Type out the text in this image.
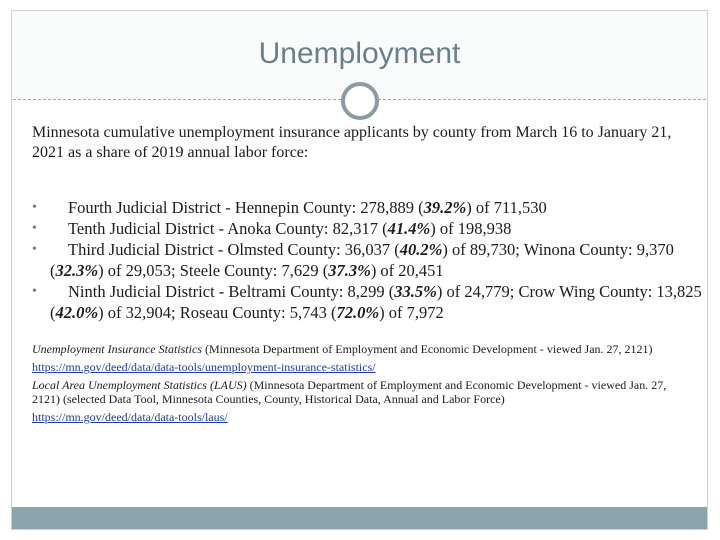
Unemployment
Minnesota cumulative unemployment insurance applicants by county from March 16 to January 21, 2021 as a share of 2019 annual labor force:
• Fourth Judicial District - Hennepin County: 278,889 (39.2%) of 711,530
• Tenth Judicial District - Anoka County: 82,317 (41.4%) of 198,938
• Third Judicial District - Olmsted County: 36,037 (40.2%) of 89,730; Winona County: 9,370 (32.3%) of 29,053; Steele County: 7,629 (37.3%) of 20,451
• Ninth Judicial District - Beltrami County: 8,299 (33.5%) of 24,779; Crow Wing County: 13,825 (42.0%) of 32,904; Roseau County: 5,743 (72.0%) of 7,972

Unemployment Insurance Statistics (Minnesota Department of Employment and Economic Development - viewed Jan. 27, 2121)

https://mn.gov/deed/data/data-tools/unemployment-insurance-statistics/

Local Area Unemployment Statistics (LAUS) (Minnesota Department of Employment and Economic Development - viewed Jan. 27, 2121) (selected Data Tool, Minnesota Counties, County, Historical Data, Annual and Labor Force)

https://mn.gov/deed/data/data-tools/laus/
